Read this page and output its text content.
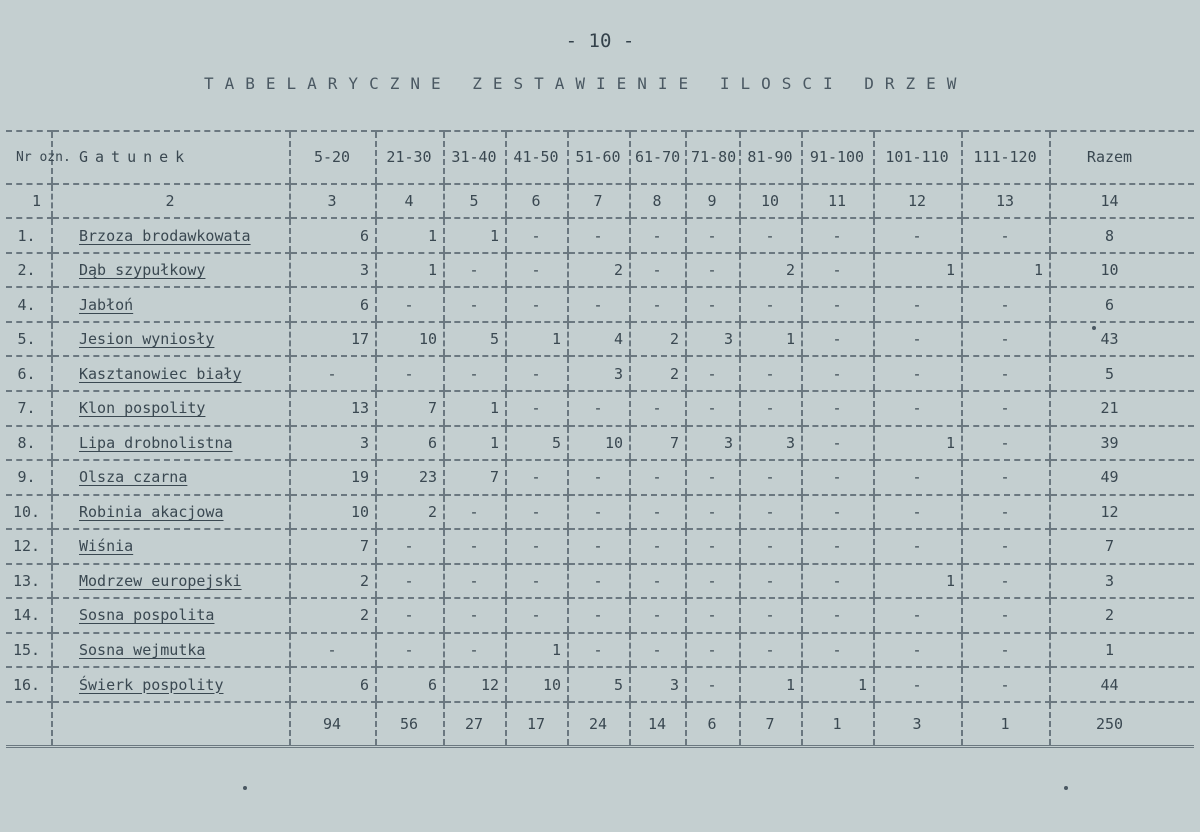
- 10 -
TABELARYCZNE ZESTAWIENIE ILOSCI DRZEW
Nr ozn.	Gatunek	5-20	21-30	31-40	41-50	51-60	61-70	71-80	81-90	91-100	101-110	111-120	Razem
1	2	3	4	5	6	7	8	9	10	11	12	13	14
1.	Brzoza brodawkowata	6	1	1	-	-	-	-	-	-	-	-	8
2.	Dąb szypułkowy	3	1	-	-	2	-	-	2	-	1	1	10
4.	Jabłoń	6	-	-	-	-	-	-	-	-	-	-	6
5.	Jesion wyniosły	17	10	5	1	4	2	3	1	-	-	-	43
6.	Kasztanowiec biały	-	-	-	-	3	2	-	-	-	-	-	5
7.	Klon pospolity	13	7	1	-	-	-	-	-	-	-	-	21
8.	Lipa drobnolistna	3	6	1	5	10	7	3	3	-	1	-	39
9.	Olsza czarna	19	23	7	-	-	-	-	-	-	-	-	49
10.	Robinia akacjowa	10	2	-	-	-	-	-	-	-	-	-	12
12.	Wiśnia	7	-	-	-	-	-	-	-	-	-	-	7
13.	Modrzew europejski	2	-	-	-	-	-	-	-	-	1	-	3
14.	Sosna pospolita	2	-	-	-	-	-	-	-	-	-	-	2
15.	Sosna wejmutka	-	-	-	1	-	-	-	-	-	-	-	1
16.	Świerk pospolity	6	6	12	10	5	3	-	1	1	-	-	44
		94	56	27	17	24	14	6	7	1	3	1	250
